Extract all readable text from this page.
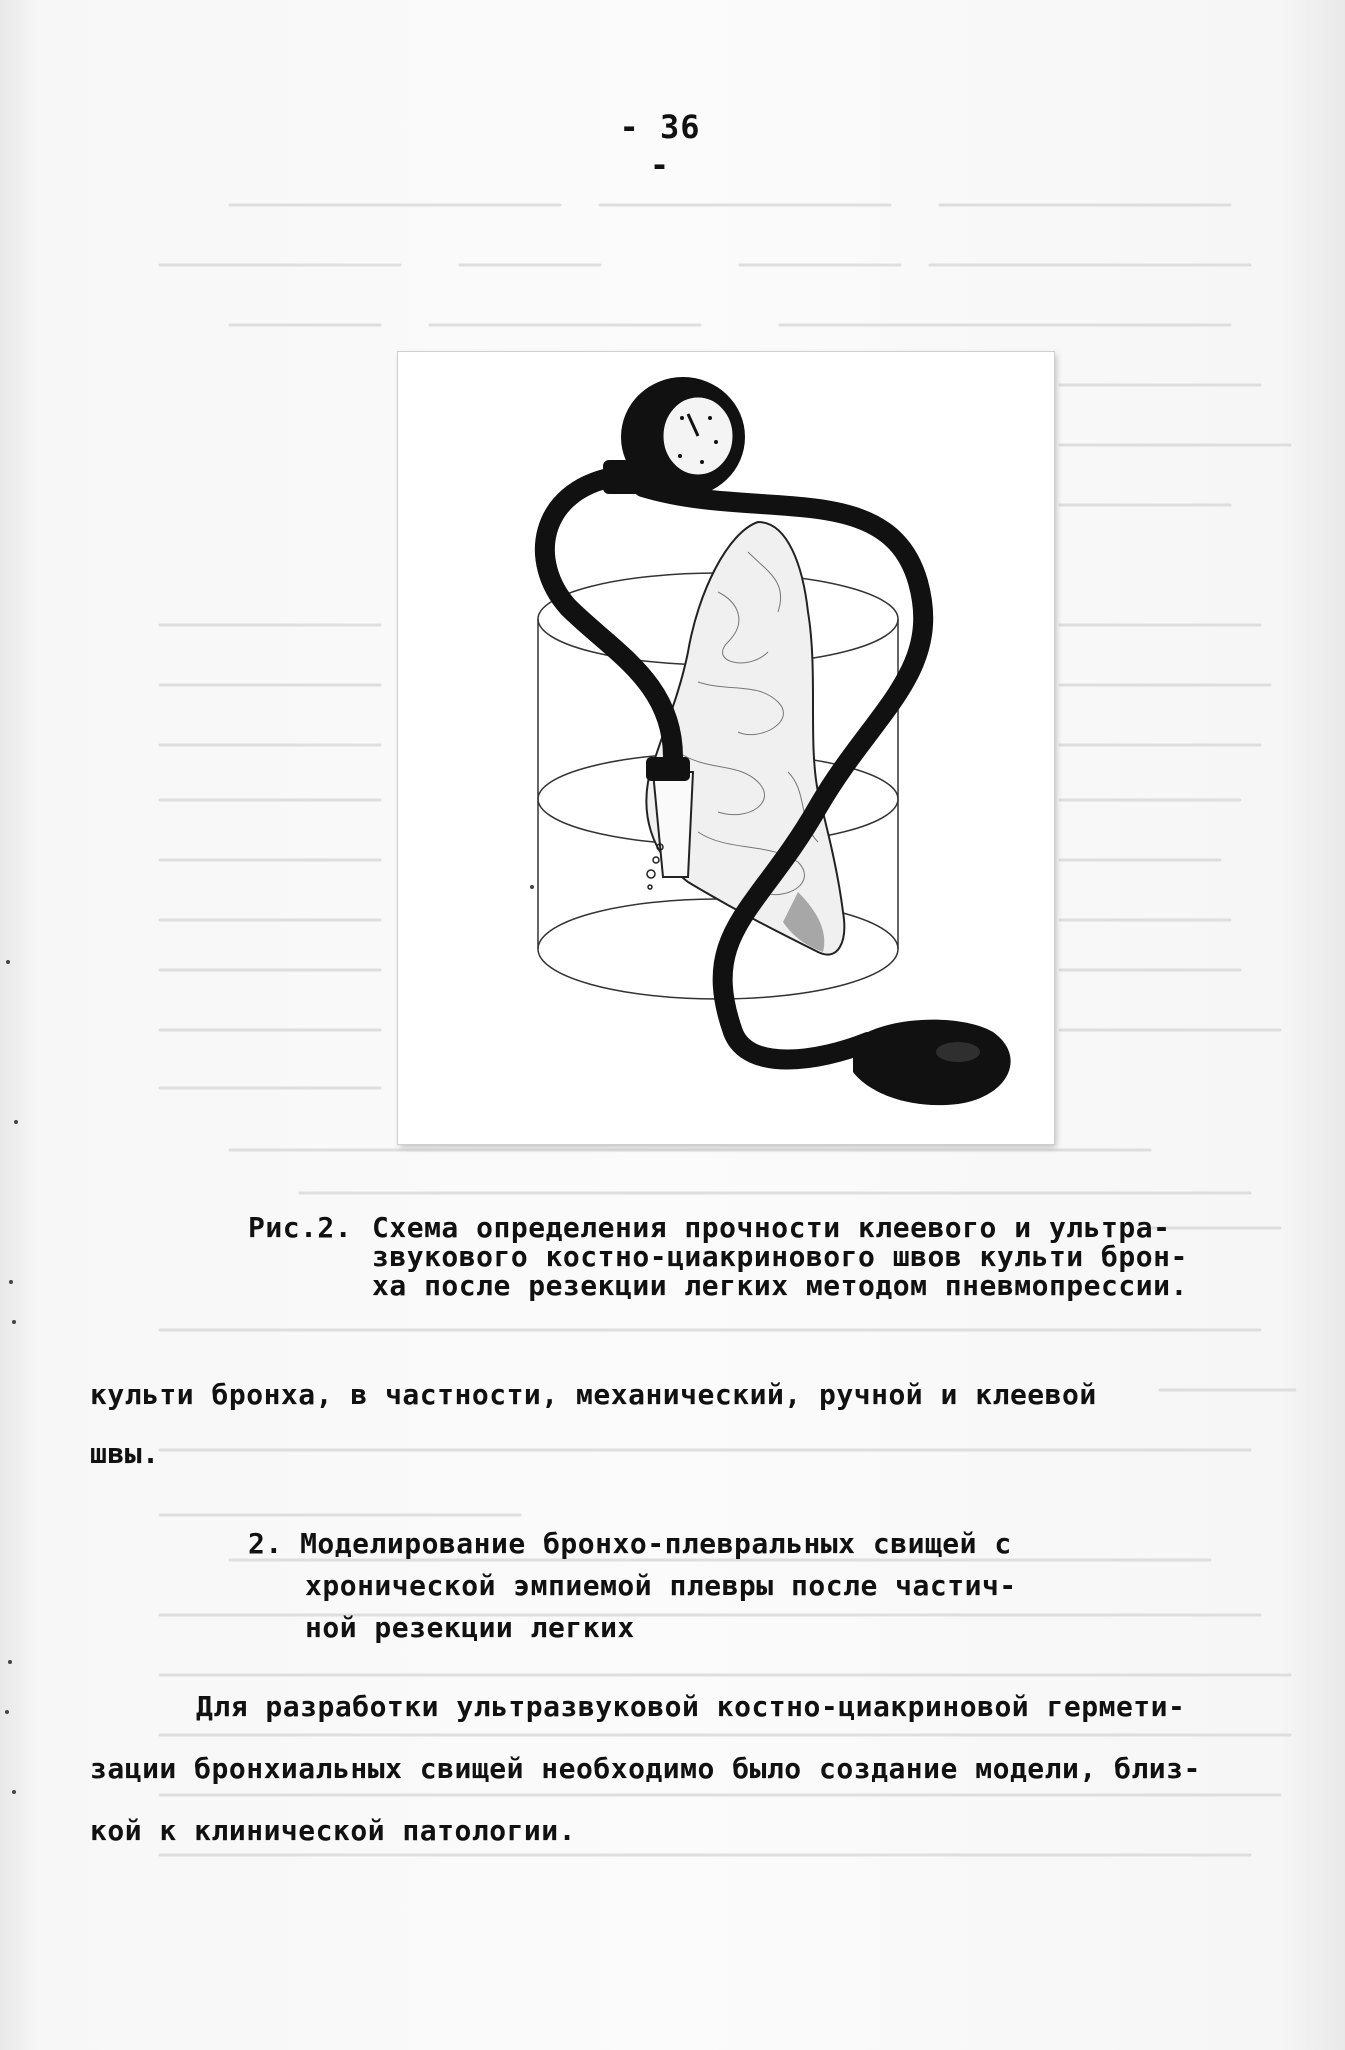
- 36 -
Рис.2. Схема определения прочности клеевого и ультра-
звукового костно-циакринового швов культи брон-
ха после резекции легких методом пневмопрессии.
культи бронха, в частности, механический, ручной и клеевой
швы.
2. Моделирование бронхо-плевральных свищей с
хронической эмпиемой плевры после частич-
ной резекции легких
Для разработки ультразвуковой костно-циакриновой гермети-
зации бронхиальных свищей необходимо было создание модели, близ-
кой к клинической патологии.
